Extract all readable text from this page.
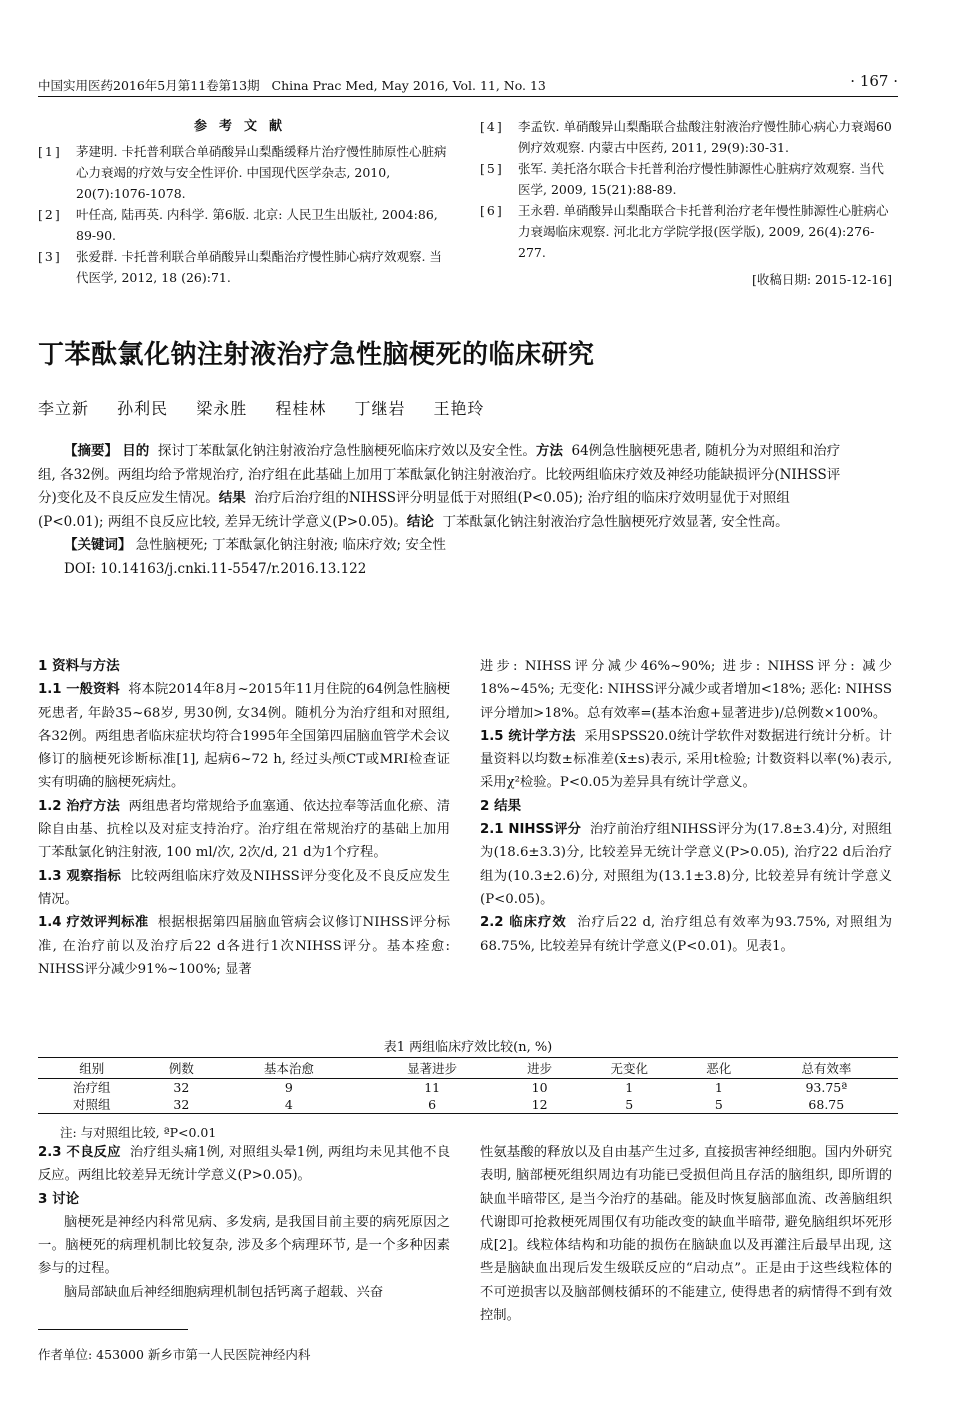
中国实用医药2016年5月第11卷第13期 China Prac Med, May 2016, Vol. 11, No. 13	· 167 ·
参考文献

[1] 茅建明. 卡托普利联合单硝酸异山梨酯缓释片治疗慢性肺原性心脏病心力衰竭的疗效与安全性评价. 中国现代医学杂志, 2010, 20(7):1076-1078.

[2] 叶任高, 陆再英. 内科学. 第6版. 北京: 人民卫生出版社, 2004:86, 89-90.

[3] 张爱群. 卡托普利联合单硝酸异山梨酯治疗慢性肺心病疗效观察. 当代医学, 2012, 18 (26):71.

[4] 李孟钦. 单硝酸异山梨酯联合盐酸注射液治疗慢性肺心病心力衰竭60例疗效观察. 内蒙古中医药, 2011, 29(9):30-31.

[5] 张军. 美托洛尔联合卡托普利治疗慢性肺源性心脏病疗效观察. 当代医学, 2009, 15(21):88-89.

[6] 王永碧. 单硝酸异山梨酯联合卡托普利治疗老年慢性肺源性心脏病心力衰竭临床观察. 河北北方学院学报(医学版), 2009, 26(4):276-277.

[收稿日期: 2015-12-16]
丁苯酞氯化钠注射液治疗急性脑梗死的临床研究
李立新 孙利民 梁永胜 程桂林 丁继岩 王艳玲

【摘要】 目的 探讨丁苯酞氯化钠注射液治疗急性脑梗死临床疗效以及安全性。方法 64例急性脑梗死患者, 随机分为对照组和治疗组, 各32例。两组均给予常规治疗, 治疗组在此基础上加用丁苯酞氯化钠注射液治疗。比较两组临床疗效及神经功能缺损评分(NIHSS评分)变化及不良反应发生情况。结果 治疗后治疗组的NIHSS评分明显低于对照组(P<0.05); 治疗组的临床疗效明显优于对照组(P<0.01); 两组不良反应比较, 差异无统计学意义(P>0.05)。结论 丁苯酞氯化钠注射液治疗急性脑梗死疗效显著, 安全性高。

【关键词】 急性脑梗死; 丁苯酞氯化钠注射液; 临床疗效; 安全性

DOI: 10.14163/j.cnki.11-5547/r.2016.13.122

1 资料与方法

1.1 一般资料 将本院2014年8月~2015年11月住院的64例急性脑梗死患者, 年龄35~68岁, 男30例, 女34例。随机分为治疗组和对照组, 各32例。两组患者临床症状均符合1995年全国第四届脑血管学术会议修订的脑梗死诊断标准[1], 起病6~72 h, 经过头颅CT或MRI检查证实有明确的脑梗死病灶。

1.2 治疗方法 两组患者均常规给予血塞通、依达拉奉等活血化瘀、清除自由基、抗栓以及对症支持治疗。治疗组在常规治疗的基础上加用丁苯酞氯化钠注射液, 100 ml/次, 2次/d, 21 d为1个疗程。

1.3 观察指标 比较两组临床疗效及NIHSS评分变化及不良反应发生情况。

1.4 疗效评判标准 根据根据第四届脑血管病会议修订NIHSS评分标准, 在治疗前以及治疗后22 d各进行1次NIHSS评分。基本痊愈: NIHSS评分减少91%~100%; 显著

进步: NIHSS评分减少46%~90%; 进步: NIHSS评分: 减少18%~45%; 无变化: NIHSS评分减少或者增加<18%; 恶化: NIHSS评分增加>18%。总有效率=(基本治愈+显著进步)/总例数×100%。

1.5 统计学方法 采用SPSS20.0统计学软件对数据进行统计分析。计量资料以均数±标准差(x̄±s)表示, 采用t检验; 计数资料以率(%)表示, 采用χ²检验。P<0.05为差异具有统计学意义。

2 结果

2.1 NIHSS评分 治疗前治疗组NIHSS评分为(17.8±3.4)分, 对照组为(18.6±3.3)分, 比较差异无统计学意义(P>0.05), 治疗22 d后治疗组为(10.3±2.6)分, 对照组为(13.1±3.8)分, 比较差异有统计学意义(P<0.05)。

2.2 临床疗效 治疗后22 d, 治疗组总有效率为93.75%, 对照组为68.75%, 比较差异有统计学意义(P<0.01)。见表1。

表1 两组临床疗效比较(n, %)
组别	例数	基本治愈	显著进步	进步	无变化	恶化	总有效率
治疗组	32	9	11	10	1	1	93.75ª
对照组	32	4	6	12	5	5	68.75
注: 与对照组比较, ªP<0.01

2.3 不良反应 治疗组头痛1例, 对照组头晕1例, 两组均未见其他不良反应。两组比较差异无统计学意义(P>0.05)。

3 讨论

脑梗死是神经内科常见病、多发病, 是我国目前主要的病死原因之一。脑梗死的病理机制比较复杂, 涉及多个病理环节, 是一个多种因素参与的过程。

脑局部缺血后神经细胞病理机制包括钙离子超载、兴奋

性氨基酸的释放以及自由基产生过多, 直接损害神经细胞。国内外研究表明, 脑部梗死组织周边有功能已受损但尚且存活的脑组织, 即所谓的缺血半暗带区, 是当今治疗的基础。能及时恢复脑部血流、改善脑组织代谢即可抢救梗死周围仅有功能改变的缺血半暗带, 避免脑组织坏死形成[2]。线粒体结构和功能的损伤在脑缺血以及再灌注后最早出现, 这些是脑缺血出现后发生级联反应的“启动点”。正是由于这些线粒体的不可逆损害以及脑部侧枝循环的不能建立, 使得患者的病情得不到有效控制。

作者单位: 453000 新乡市第一人民医院神经内科
